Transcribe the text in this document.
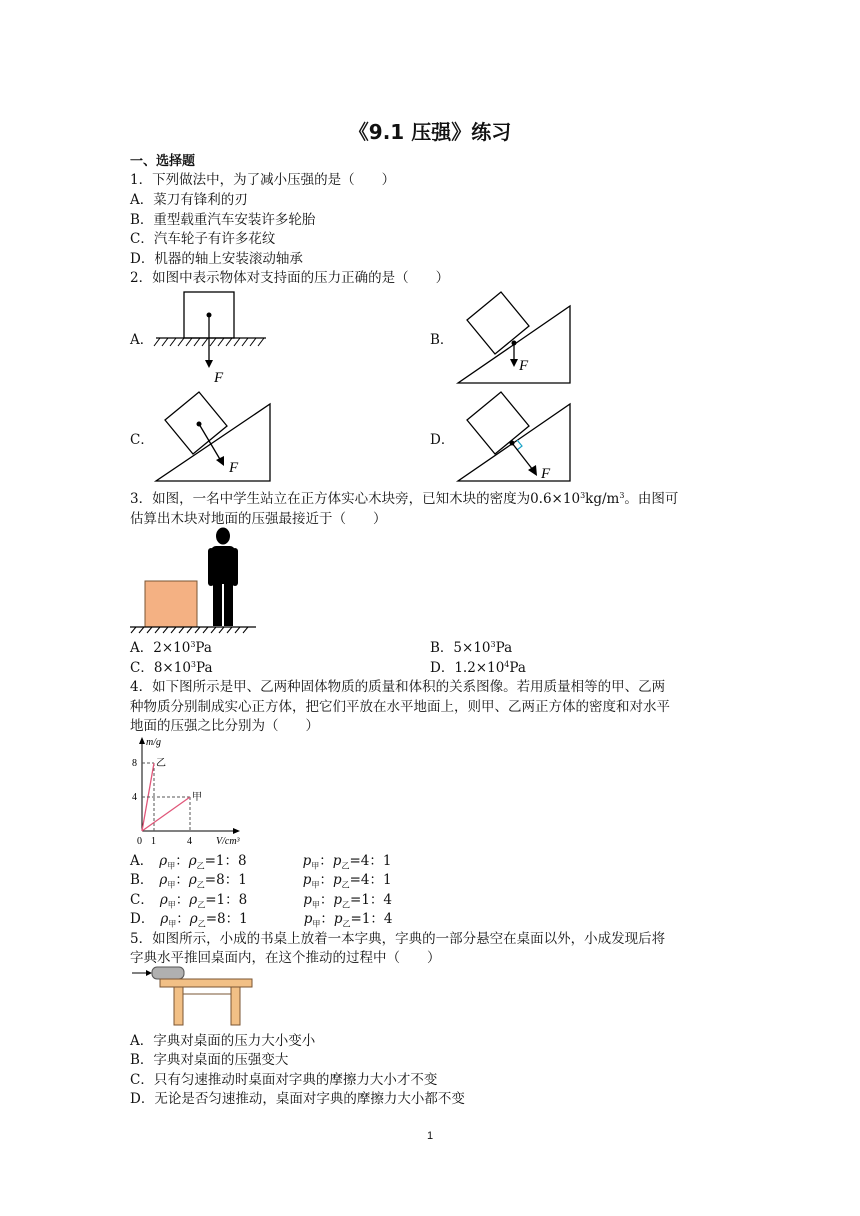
《9.1 压强》练习
一、选择题
1．下列做法中，为了减小压强的是（　　）
A．菜刀有锋利的刃
B．重型载重汽车安装许多轮胎
C．汽车轮子有许多花纹
D．机器的轴上安装滚动轴承
2．如图中表示物体对支持面的压力正确的是（　　）
A．
F
B．
F
C．
F
D．
F
3．如图，一名中学生站立在正方体实心木块旁，已知木块的密度为$0.6\times 10^3kg/m^3$。由图可
估算出木块对地面的压强最接近于（　　）
A．$2\times 10^3Pa$	B．$5\times 10^3Pa$
C．$8\times 10^3Pa$	D．$1.2\times 10^4Pa$
4．如下图所示是甲、乙两种固体物质的质量和体积的关系图像。若用质量相等的甲、乙两
种物质分别制成实心正方体，把它们平放在水平地面上，则甲、乙两正方体的密度和对水平
地面的压强之比分别为（　　）
m/g
V/cm³
0 1	4
4
8 乙
甲
A． $\rho_甲$：$\rho_乙=1$：8	$p_甲$：$p_乙=4$：1
B． $\rho_甲$：$\rho_乙=8$：1	$p_甲$：$p_乙=4$：1
C． $\rho_甲$：$\rho_乙=1$：8	$p_甲$：$p_乙=1$：4
D． $\rho_甲$：$\rho_乙=8$：1	$p_甲$：$p_乙=1$：4
5．如图所示，小成的书桌上放着一本字典，字典的一部分悬空在桌面以外，小成发现后将
字典水平推回桌面内，在这个推动的过程中（　　）
A．字典对桌面的压力大小变小
B．字典对桌面的压强变大
C．只有匀速推动时桌面对字典的摩擦力大小才不变
D．无论是否匀速推动，桌面对字典的摩擦力大小都不变
1
